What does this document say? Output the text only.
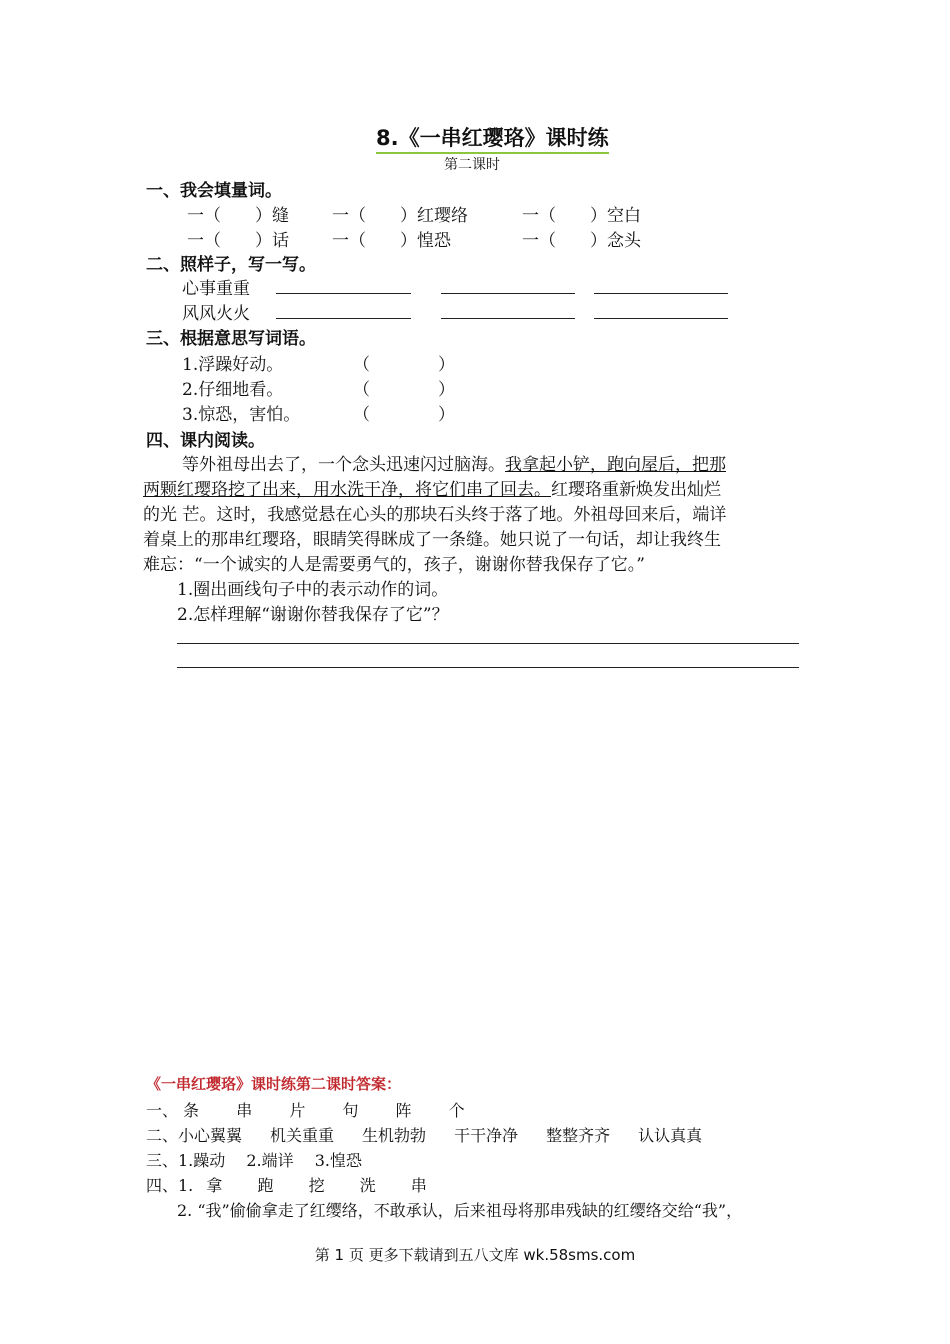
8.《一串红璎珞》课时练
第二课时
一、我会填量词。
一（　　）缝	一（　　）红璎络	一（　　）空白
一（　　）话	一（　　）惶恐	一（　　）念头
二、照样子，写一写。
心事重重
风风火火
三、根据意思写词语。
1.浮躁好动。	（　　　　）
2.仔细地看。	（　　　　）
3.惊恐，害怕。	（　　　　）
四、课内阅读。
等外祖母出去了，一个念头迅速闪过脑海。我拿起小铲，跑向屋后，把那
两颗红璎珞挖了出来，用水洗干净，将它们串了回去。红璎珞重新焕发出灿烂
的光 芒。这时，我感觉悬在心头的那块石头终于落了地。外祖母回来后，端详
着桌上的那串红璎珞，眼睛笑得眯成了一条缝。她只说了一句话，却让我终生
难忘：“一个诚实的人是需要勇气的，孩子，谢谢你替我保存了它。”
1.圈出画线句子中的表示动作的词。
2.怎样理解“谢谢你替我保存了它”？
《一串红璎珞》课时练第二课时答案：
一、 条 串 片 句 阵 个
二、小心翼翼 机关重重 生机勃勃 干干净净 整整齐齐 认认真真
三、1.躁动　 2.端详　 3.惶恐
四、1. 拿 跑 挖 洗 串
2. “我”偷偷拿走了红缨络，不敢承认，后来祖母将那串残缺的红缨络交给“我”，
第 1 页 更多下载请到五八文库 wk.58sms.com
